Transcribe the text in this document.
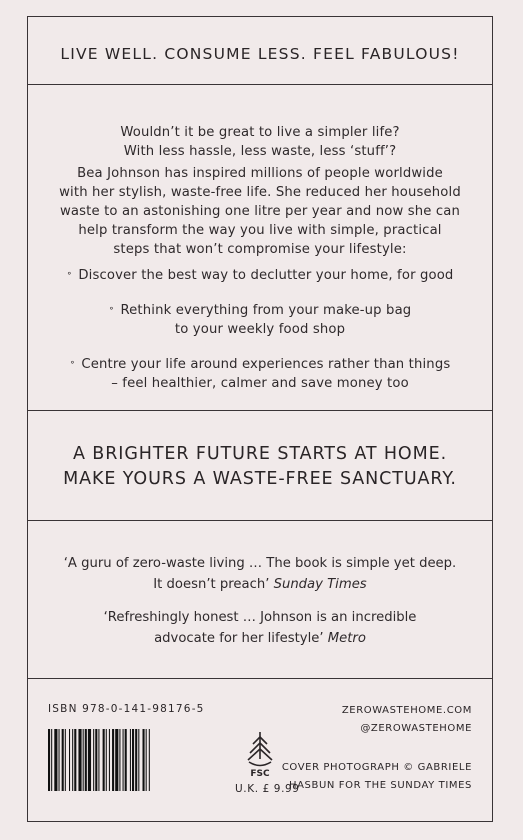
LIVE WELL. CONSUME LESS. FEEL FABULOUS!
Wouldn’t it be great to live a simpler life?
With less hassle, less waste, less ‘stuff’?
Bea Johnson has inspired millions of people worldwide
with her stylish, waste-free life. She reduced her household
waste to an astonishing one litre per year and now she can
help transform the way you live with simple, practical
steps that won’t compromise your lifestyle:
∘ Discover the best way to declutter your home, for good
∘ Rethink everything from your make-up bag
to your weekly food shop
∘ Centre your life around experiences rather than things
– feel healthier, calmer and save money too
A BRIGHTER FUTURE STARTS AT HOME.
MAKE YOURS A WASTE-FREE SANCTUARY.
‘A guru of zero-waste living … The book is simple yet deep.
It doesn’t preach’ Sunday Times
‘Refreshingly honest … Johnson is an incredible
advocate for her lifestyle’ Metro
ISBN 978-0-141-98176-5
FSC
U.K. £ 9.99
ZEROWASTEHOME.COM
@ZEROWASTEHOME
COVER PHOTOGRAPH © GABRIELE
HASBUN FOR THE SUNDAY TIMES
